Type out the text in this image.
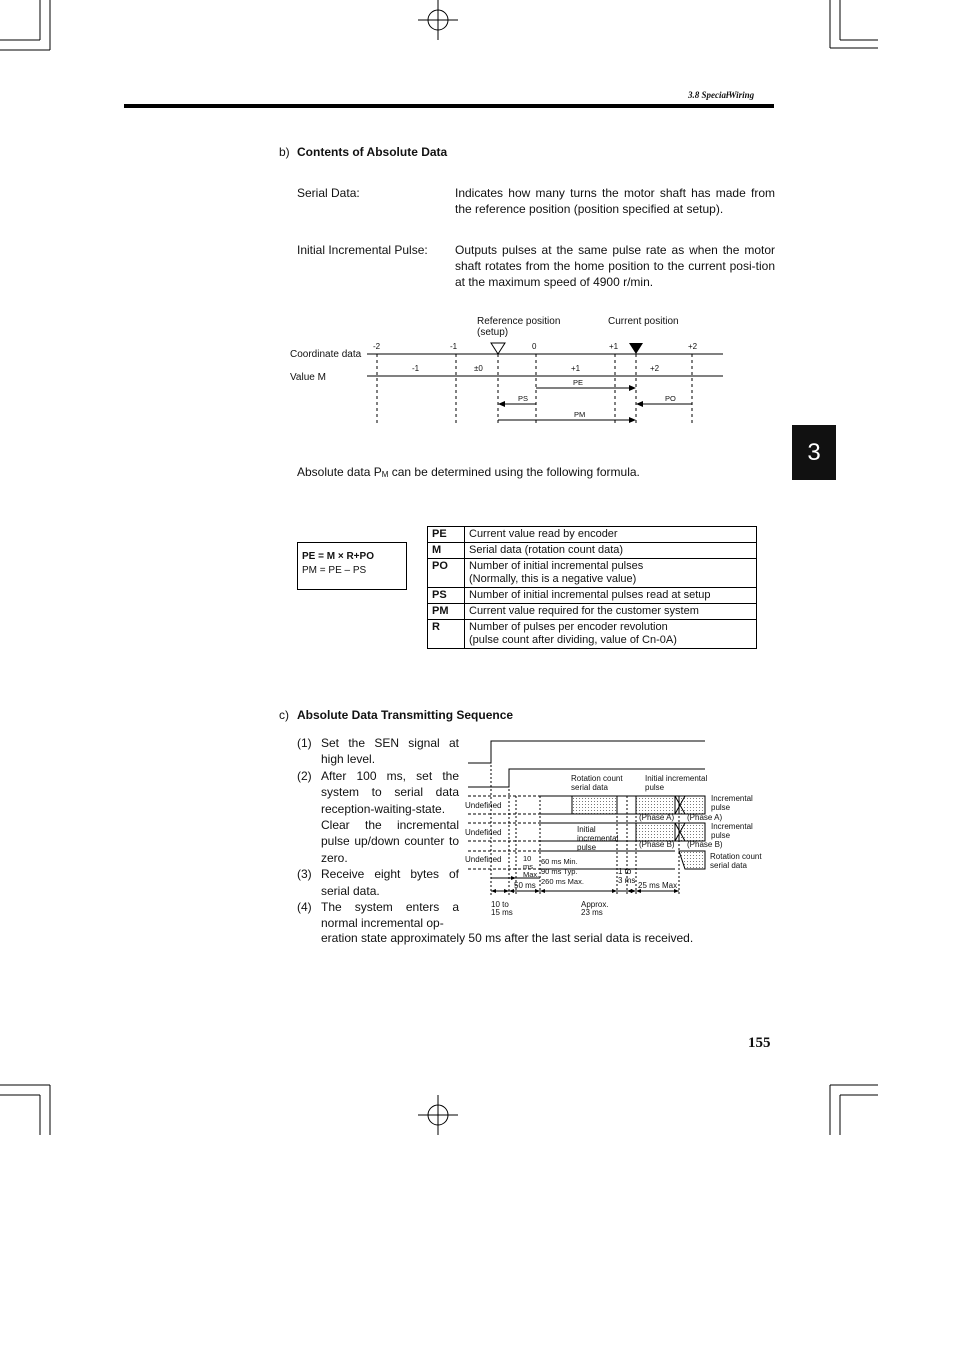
3.8 Special̶Wiring
3
b) Contents of Absolute Data
Serial Data:	Indicates how many turns the motor shaft has made from the reference position (position specified at setup).
Initial Incremental Pulse: Outputs pulses at the same pulse rate as when the motor shaft rotates from the home position to the current posi-tion at the maximum speed of 4900 r/min.
Reference position
(setup)
Current position
Coordinate data
Value M
-2	-1	0	+1	+2
-1	±0	+1	+2
PE
PS	PO
PM
Absolute data $P_M$ can be determined using the following formula.
PE = M × R+PO
PM = PE – PS
PE	Current value read by encoder

M	Serial data (rotation count data)

PO	Number of initial incremental pulses
(Normally, this is a negative value)

PS	Number of initial incremental pulses read at setup

PM	Current value required for the customer system

R	Number of pulses per encoder revolution
(pulse count after dividing, value of Cn-0A)
c) Absolute Data Transmitting Sequence
(1) Set the SEN signal at high level.
(2) After 100 ms, set the system to serial data reception-waiting-state. Clear the incremental pulse up/down counter to zero.
(3) Receive eight bytes of serial data.
(4) The system enters a normal incremental op-
eration state approximately 50 ms after the last serial data is received.
Undefined
Undefined
Undefined
Rotation count
serial data
Initial incremental
pulse
Incremental
pulse
(Phase A)
(Phase A)
Incremental
pulse
(Phase B)
(Phase B)
Initial
incremental
pulse
Rotation count
serial data
10
ms
Max.
60 ms Min.
90 ms Typ.
260 ms Max.
50 ms
1 to
3 ms
25 ms Max
10 to
15 ms
Approx.
23 ms
155
